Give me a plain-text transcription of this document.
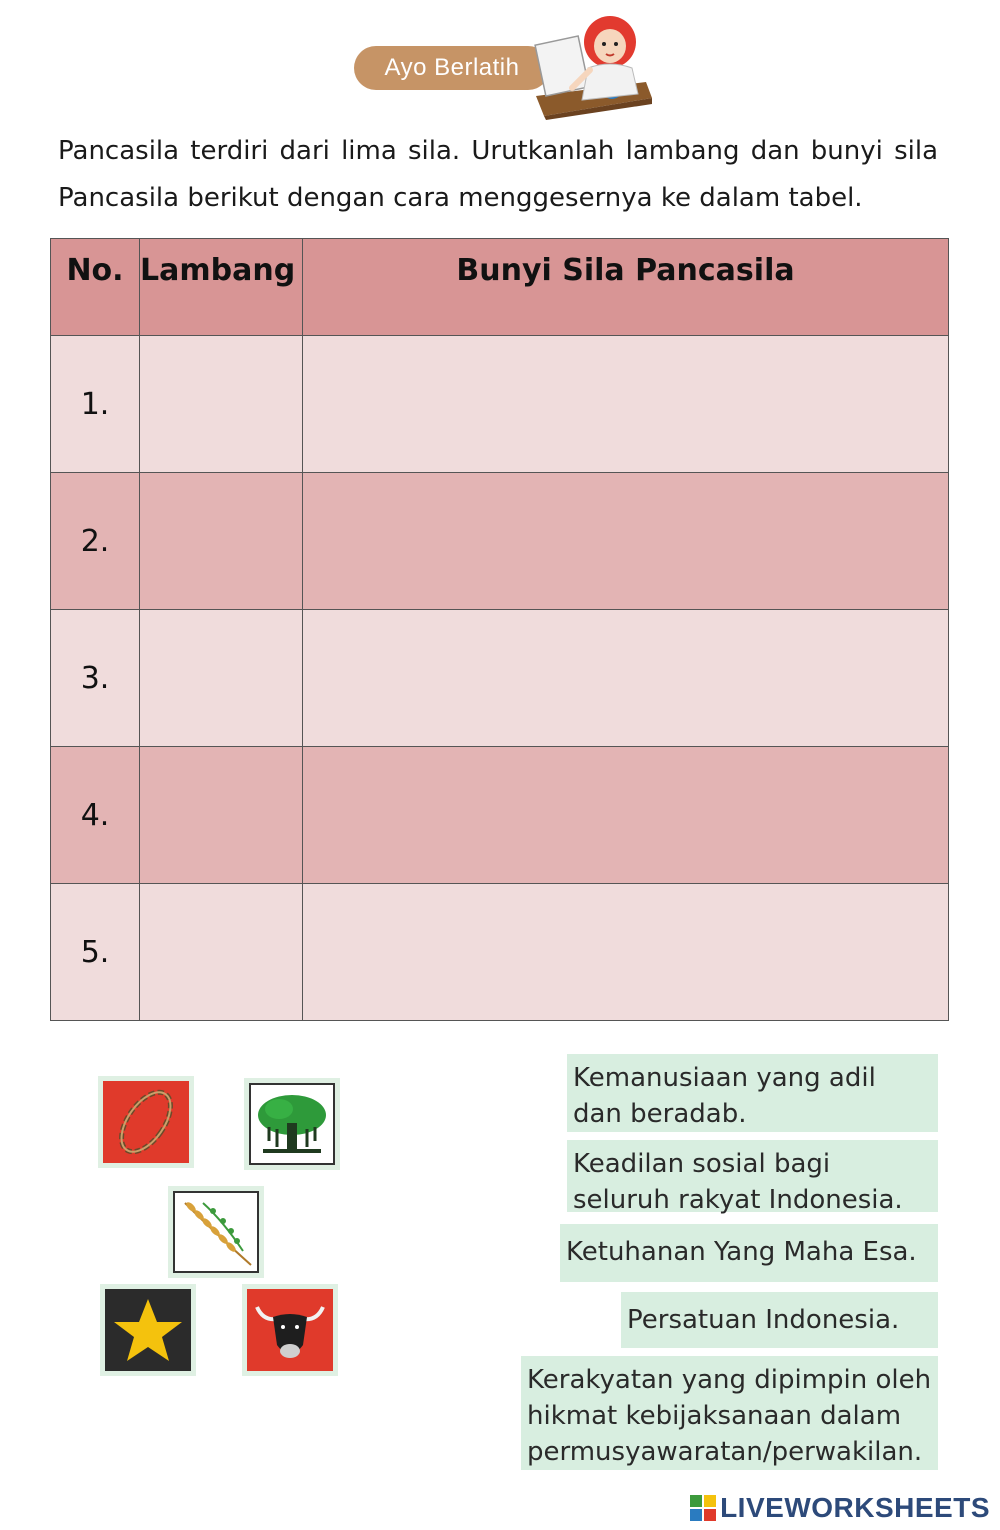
Ayo Berlatih
Pancasila terdiri dari lima sila. Urutkanlah lambang dan bunyi sila Pancasila berikut dengan cara menggesernya ke dalam tabel.
No.	Lambang	Bunyi Sila Pancasila
1.		
2.		
3.		
4.		
5.		
Kemanusiaan yang adil dan beradab.
Keadilan sosial bagi seluruh rakyat Indonesia.
Ketuhanan Yang Maha Esa.
Persatuan Indonesia.
Kerakyatan yang dipimpin oleh hikmat kebijaksanaan dalam permusyawaratan/perwakilan.
LIVEWORKSHEETS
